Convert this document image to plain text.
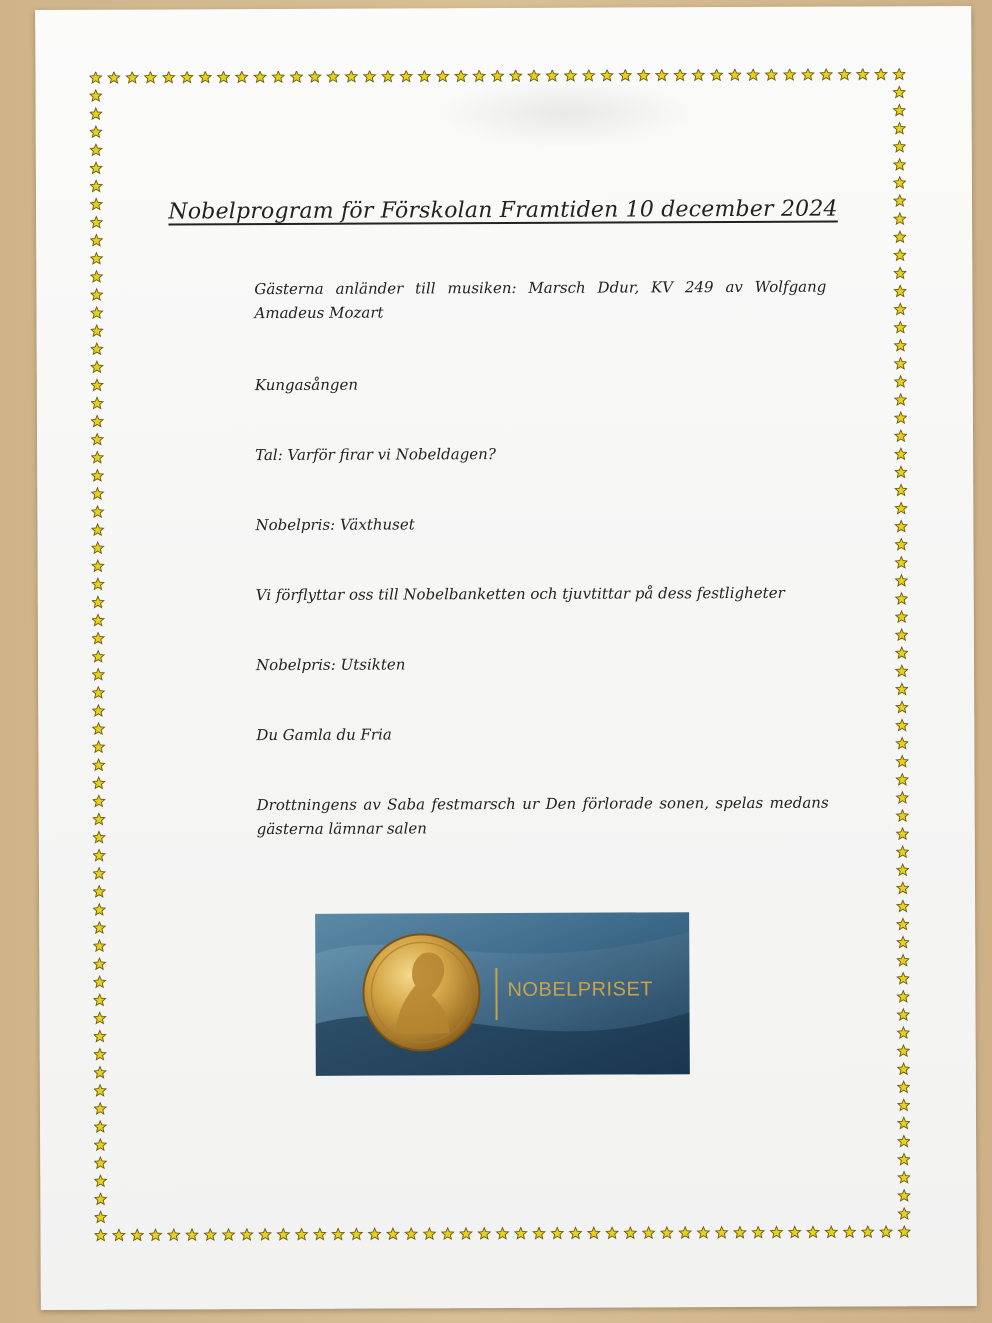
Nobelprogram för Förskolan Framtiden 10 december 2024
Gästerna anländer till musiken: Marsch Ddur, KV 249 av Wolfgang Amadeus Mozart
Kungasången
Tal: Varför firar vi Nobeldagen?
Nobelpris: Växthuset
Vi förflyttar oss till Nobelbanketten och tjuvtittar på dess festligheter
Nobelpris: Utsikten
Du Gamla du Fria
Drottningens av Saba festmarsch ur Den förlorade sonen, spelas medans gästerna lämnar salen
NOBELPRISET
